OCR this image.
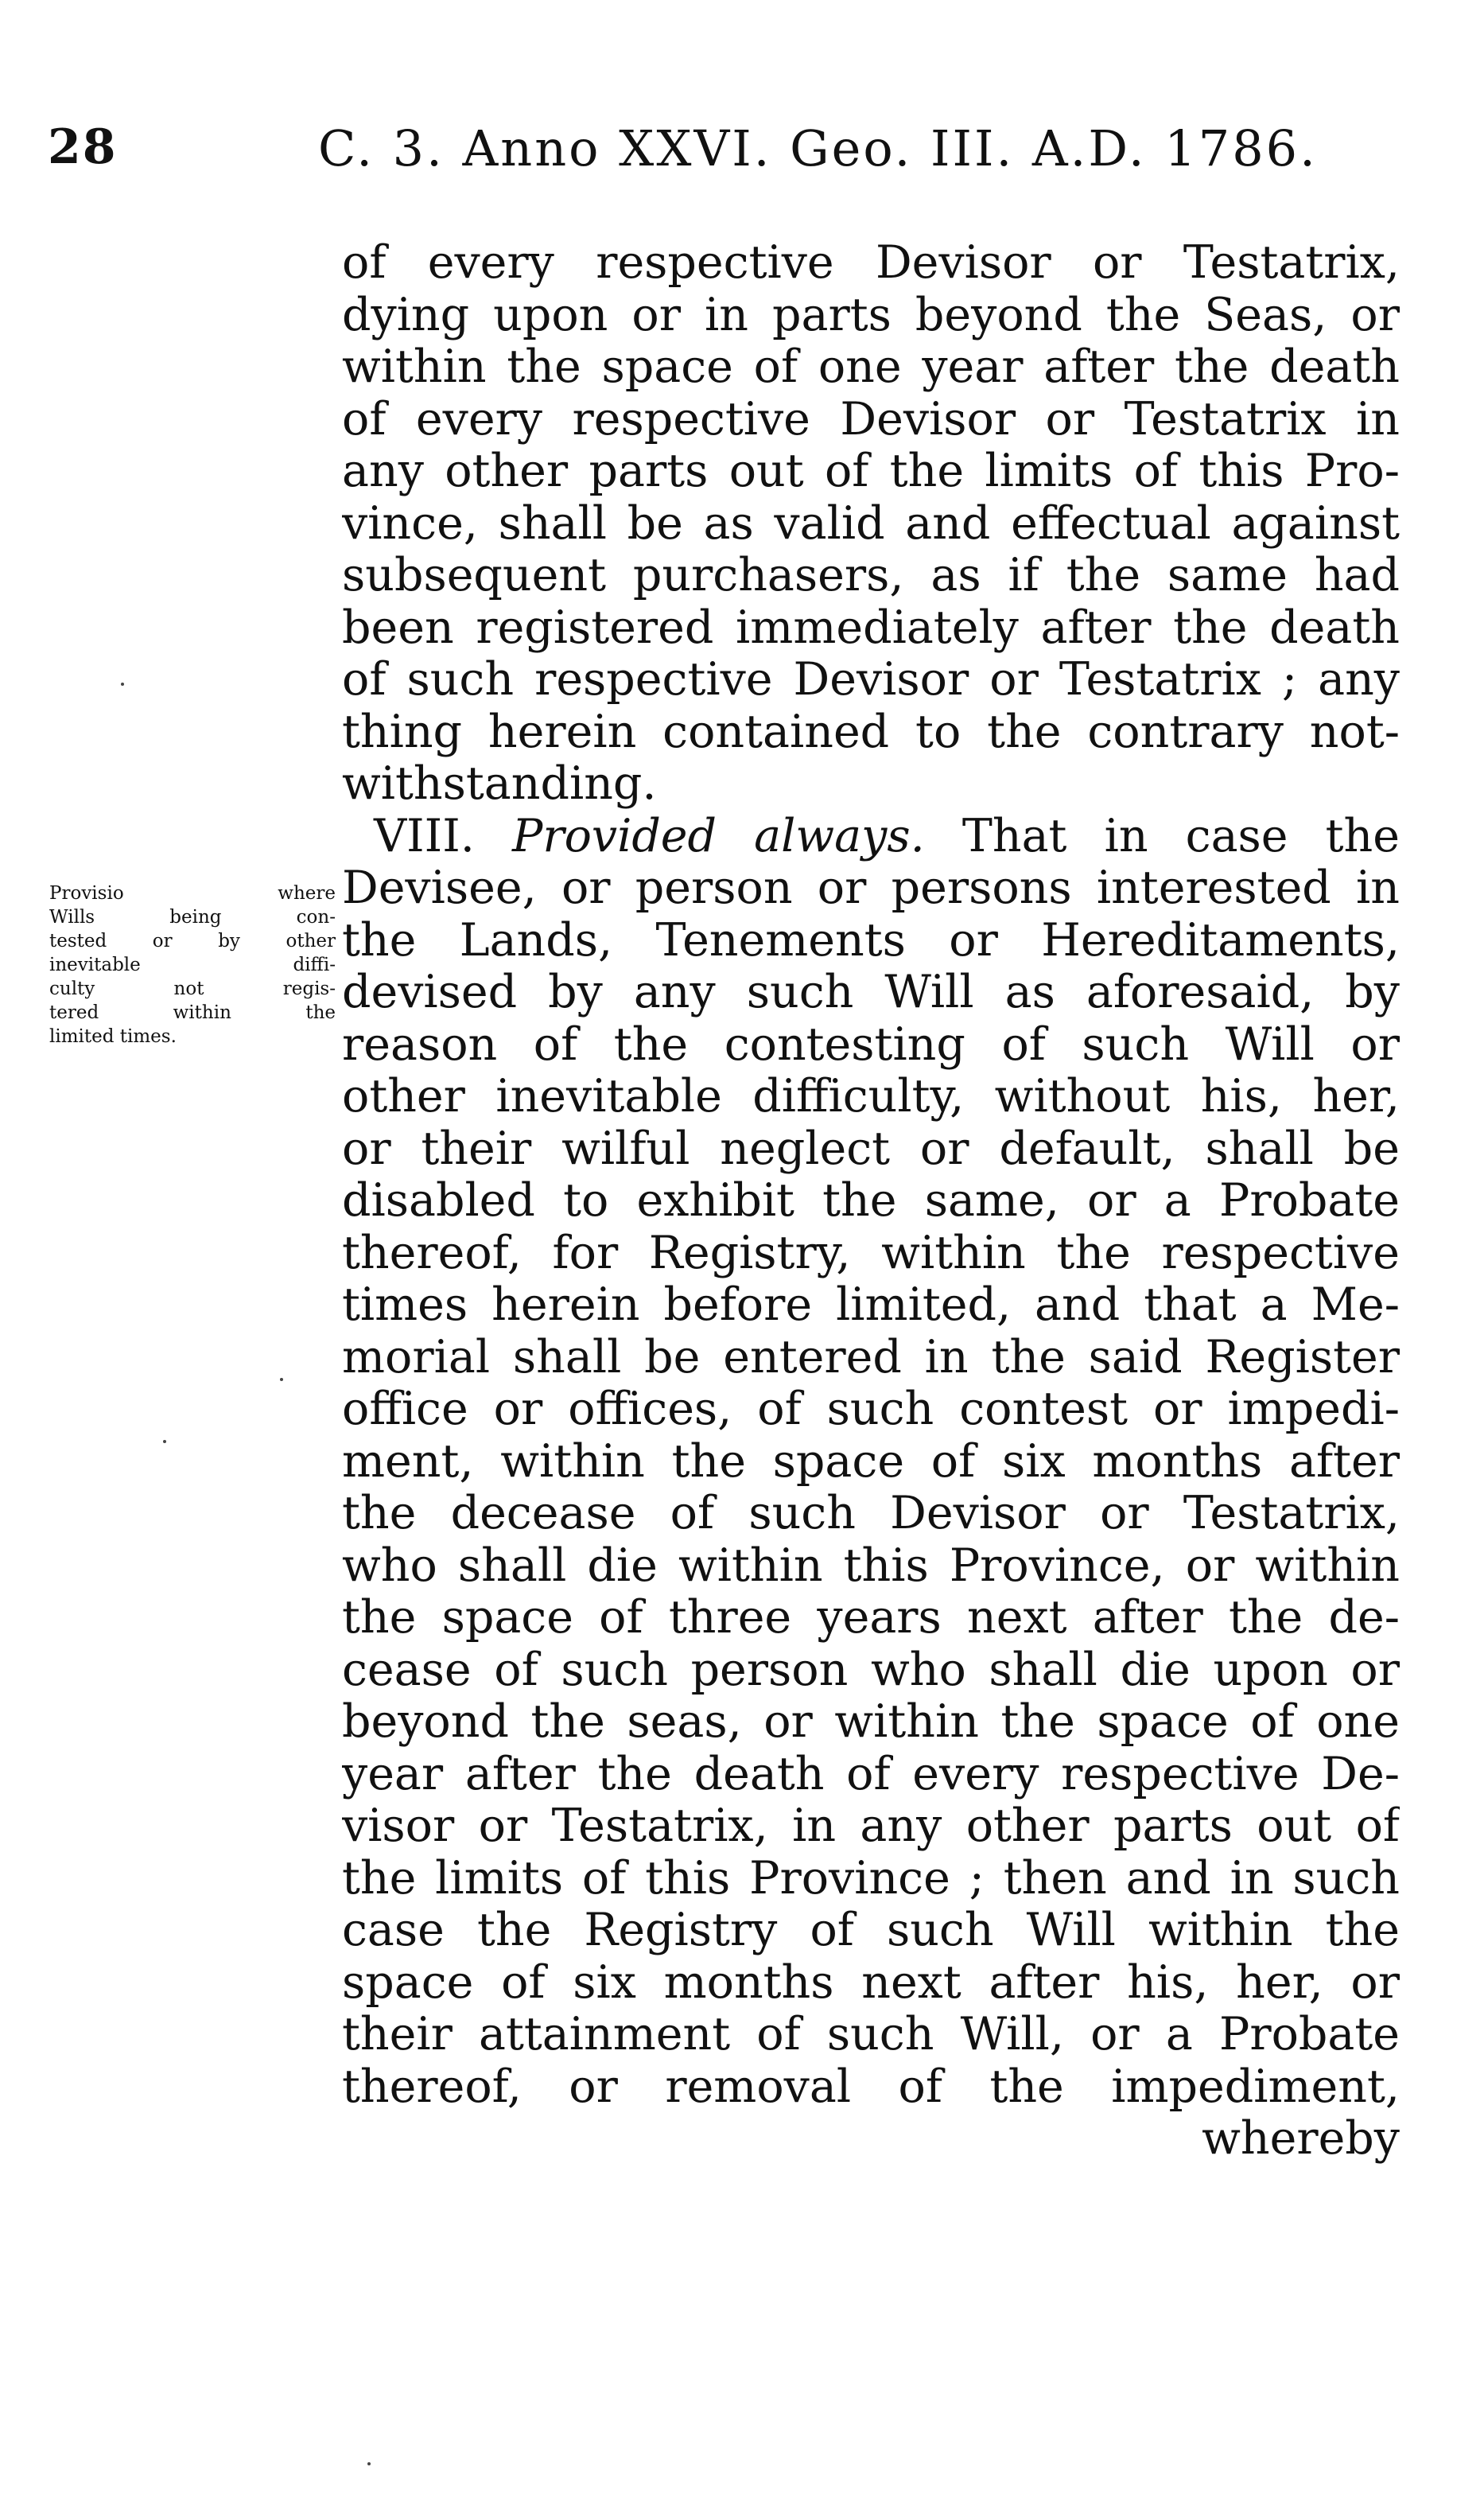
28	C. 3. Anno XXVI. Geo. III. A.D. 1786.
Provisio where
Wills being con-
tested or by other
inevitable diffi-
culty not regis-
tered within the
limited times.
of every respective Devisor or Testatrix,
dying upon or in parts beyond the Seas, or
within the space of one year after the death
of every respective Devisor or Testatrix in
any other parts out of the limits of this Pro-
vince, shall be as valid and effectual against
subsequent purchasers, as if the same had
been registered immediately after the death
of such respective Devisor or Testatrix ; any
thing herein contained to the contrary not-
withstanding.
VIII. Provided always. That in case the
Devisee, or person or persons interested in
the Lands, Tenements or Hereditaments,
devised by any such Will as aforesaid, by
reason of the contesting of such Will or
other inevitable difficulty, without his, her,
or their wilful neglect or default, shall be
disabled to exhibit the same, or a Probate
thereof, for Registry, within the respective
times herein before limited, and that a Me-
morial shall be entered in the said Register
office or offices, of such contest or impedi-
ment, within the space of six months after
the decease of such Devisor or Testatrix,
who shall die within this Province, or within
the space of three years next after the de-
cease of such person who shall die upon or
beyond the seas, or within the space of one
year after the death of every respective De-
visor or Testatrix, in any other parts out of
the limits of this Province ; then and in such
case the Registry of such Will within the
space of six months next after his, her, or
their attainment of such Will, or a Probate
thereof, or removal of the impediment,
whereby
